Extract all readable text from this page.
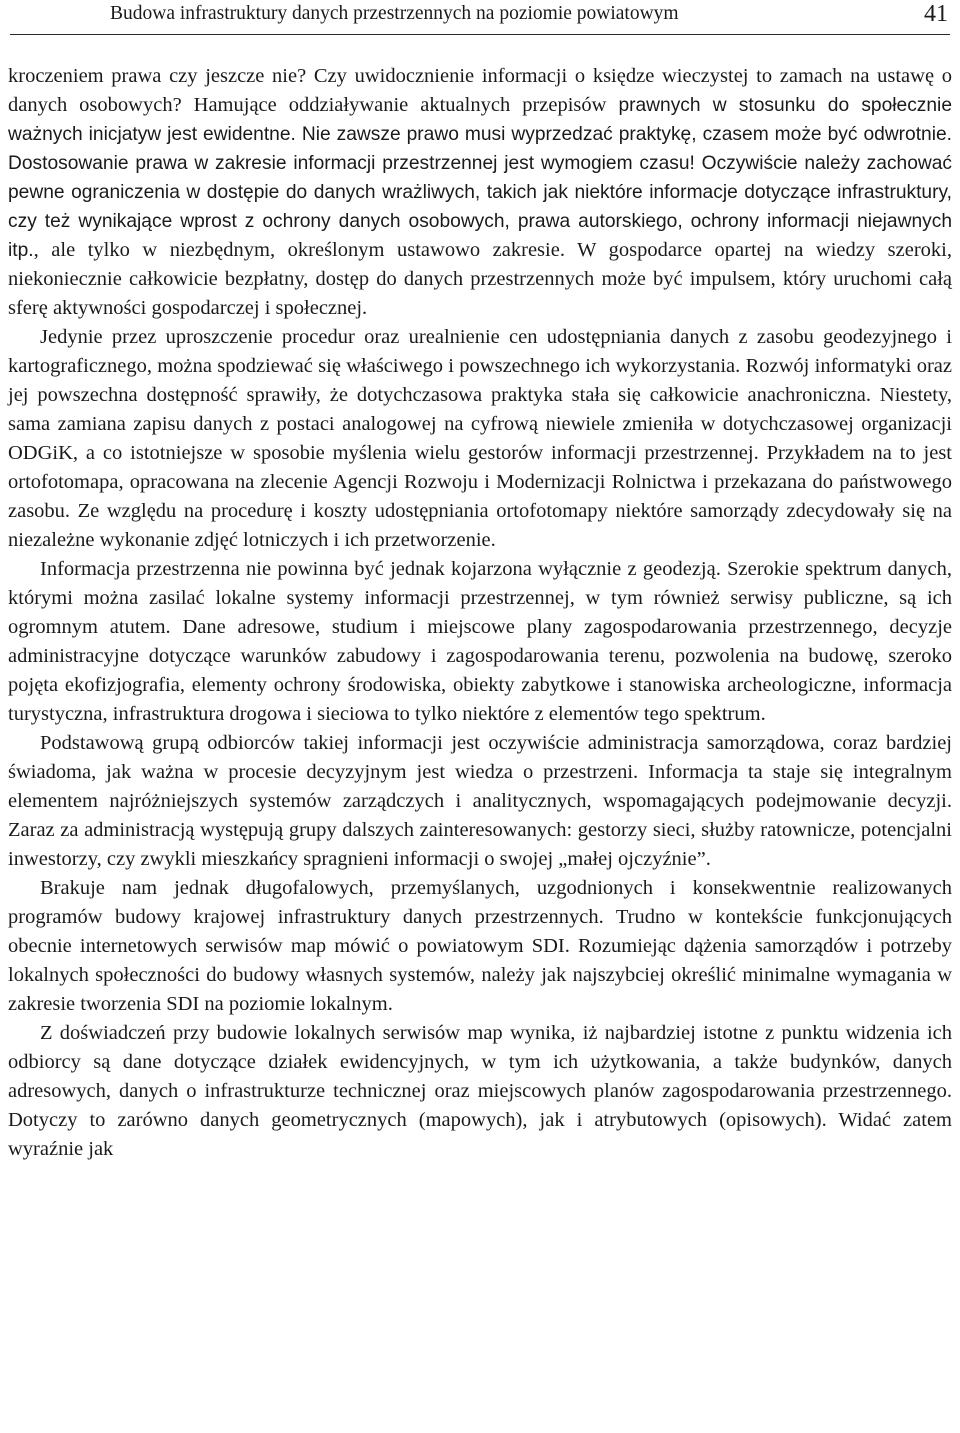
Budowa infrastruktury danych przestrzennych na poziomie powiatowym	41

kroczeniem prawa czy jeszcze nie? Czy uwidocznienie informacji o księdze wieczystej to zamach na ustawę o danych osobowych? Hamujące oddziaływanie aktualnych przepisów prawnych w stosunku do społecznie ważnych inicjatyw jest ewidentne. Nie zawsze prawo musi wyprzedzać praktykę, czasem może być odwrotnie. Dostosowanie prawa w zakresie informacji przestrzennej jest wymogiem czasu! Oczywiście należy zachować pewne ograniczenia w dostępie do danych wrażliwych, takich jak niektóre informacje dotyczące infrastruktury, czy też wynikające wprost z ochrony danych osobowych, prawa autorskiego, ochrony informacji niejawnych itp., ale tylko w niezbędnym, określonym ustawowo zakresie. W gospodarce opartej na wiedzy szeroki, niekoniecznie całkowicie bezpłatny, dostęp do danych przestrzennych może być impulsem, który uruchomi całą sferę aktywności gospodarczej i społecznej.

Jedynie przez uproszczenie procedur oraz urealnienie cen udostępniania danych z zasobu geodezyjnego i kartograficznego, można spodziewać się właściwego i powszechnego ich wykorzystania. Rozwój informatyki oraz jej powszechna dostępność sprawiły, że dotychczasowa praktyka stała się całkowicie anachroniczna. Niestety, sama zamiana zapisu danych z postaci analogowej na cyfrową niewiele zmieniła w dotychczasowej organizacji ODGiK, a co istotniejsze w sposobie myślenia wielu gestorów informacji przestrzennej. Przykładem na to jest ortofotomapa, opracowana na zlecenie Agencji Rozwoju i Modernizacji Rolnictwa i przekazana do państwowego zasobu. Ze względu na procedurę i koszty udostępniania ortofotomapy niektóre samorządy zdecydowały się na niezależne wykonanie zdjęć lotniczych i ich przetworzenie.

Informacja przestrzenna nie powinna być jednak kojarzona wyłącznie z geodezją. Szerokie spektrum danych, którymi można zasilać lokalne systemy informacji przestrzennej, w tym również serwisy publiczne, są ich ogromnym atutem. Dane adresowe, studium i miejscowe plany zagospodarowania przestrzennego, decyzje administracyjne dotyczące warunków zabudowy i zagospodarowania terenu, pozwolenia na budowę, szeroko pojęta ekofizjografia, elementy ochrony środowiska, obiekty zabytkowe i stanowiska archeologiczne, informacja turystyczna, infrastruktura drogowa i sieciowa to tylko niektóre z elementów tego spektrum.

Podstawową grupą odbiorców takiej informacji jest oczywiście administracja samorządowa, coraz bardziej świadoma, jak ważna w procesie decyzyjnym jest wiedza o przestrzeni. Informacja ta staje się integralnym elementem najróżniejszych systemów zarządczych i analitycznych, wspomagających podejmowanie decyzji. Zaraz za administracją występują grupy dalszych zainteresowanych: gestorzy sieci, służby ratownicze, potencjalni inwestorzy, czy zwykli mieszkańcy spragnieni informacji o swojej „małej ojczyźnie”.

Brakuje nam jednak długofalowych, przemyślanych, uzgodnionych i konsekwentnie realizowanych programów budowy krajowej infrastruktury danych przestrzennych. Trudno w kontekście funkcjonujących obecnie internetowych serwisów map mówić o powiatowym SDI. Rozumiejąc dążenia samorządów i potrzeby lokalnych społeczności do budowy własnych systemów, należy jak najszybciej określić minimalne wymagania w zakresie tworzenia SDI na poziomie lokalnym.

Z doświadczeń przy budowie lokalnych serwisów map wynika, iż najbardziej istotne z punktu widzenia ich odbiorcy są dane dotyczące działek ewidencyjnych, w tym ich użytkowania, a także budynków, danych adresowych, danych o infrastrukturze technicznej oraz miejscowych planów zagospodarowania przestrzennego. Dotyczy to zarówno danych geometrycznych (mapowych), jak i atrybutowych (opisowych). Widać zatem wyraźnie jak
